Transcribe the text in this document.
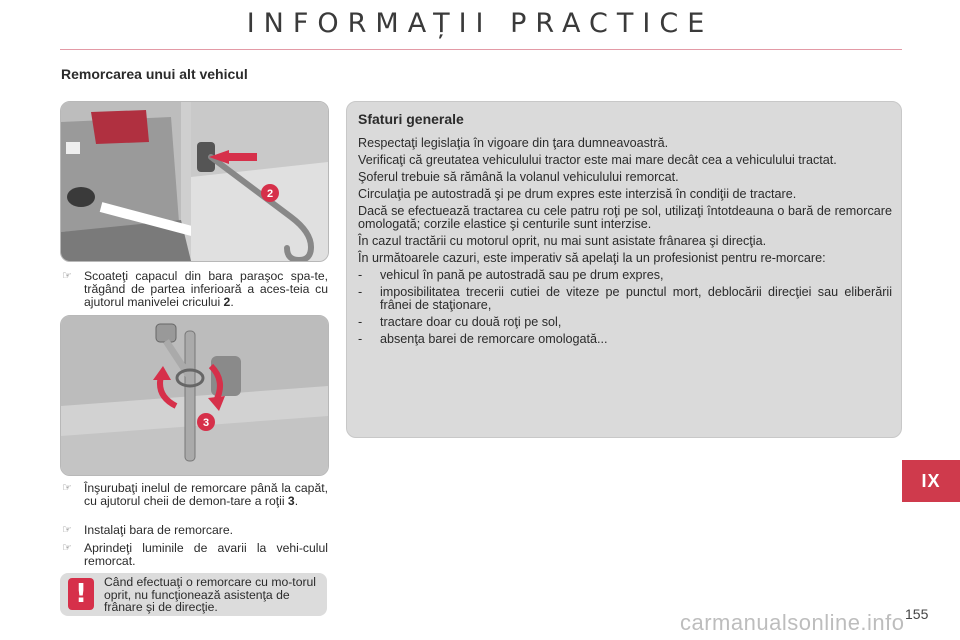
INFORMAȚII PRACTICE
Remorcarea unui alt vehicul
2
☞ Scoateţi capacul din bara paraşoc spa-te, trăgând de partea inferioară a aces-teia cu ajutorul manivelei cricului 2.
3
☞ Înşurubaţi inelul de remorcare până la capăt, cu ajutorul cheii de demon-tare a roţii 3.
☞ Instalaţi bara de remorcare.
☞ Aprindeţi luminile de avarii la vehi-culul remorcat.
!	Când efectuaţi o remorcare cu mo-torul oprit, nu funcţionează asistenţa de frânare şi de direcţie.
Sfaturi generale

Respectaţi legislaţia în vigoare din ţara dumneavoastră.

Verificaţi că greutatea vehiculului tractor este mai mare decât cea a vehiculului tractat.

Şoferul trebuie să rămână la volanul vehiculului remorcat.

Circulaţia pe autostradă şi pe drum expres este interzisă în condiţii de tractare.

Dacă se efectuează tractarea cu cele patru roţi pe sol, utilizaţi întotdeauna o bară de remorcare omologată; corzile elastice şi centurile sunt interzise.

În cazul tractării cu motorul oprit, nu mai sunt asistate frânarea şi direcţia.

În următoarele cazuri, este imperativ să apelaţi la un profesionist pentru re-morcare:

- vehicul în pană pe autostradă sau pe drum expres,
- imposibilitatea trecerii cutiei de viteze pe punctul mort, deblocării direcţiei sau eliberării frânei de staţionare,
- tractare doar cu două roţi pe sol,
- absenţa barei de remorcare omologată...
IX
155
carmanualsonline.info
